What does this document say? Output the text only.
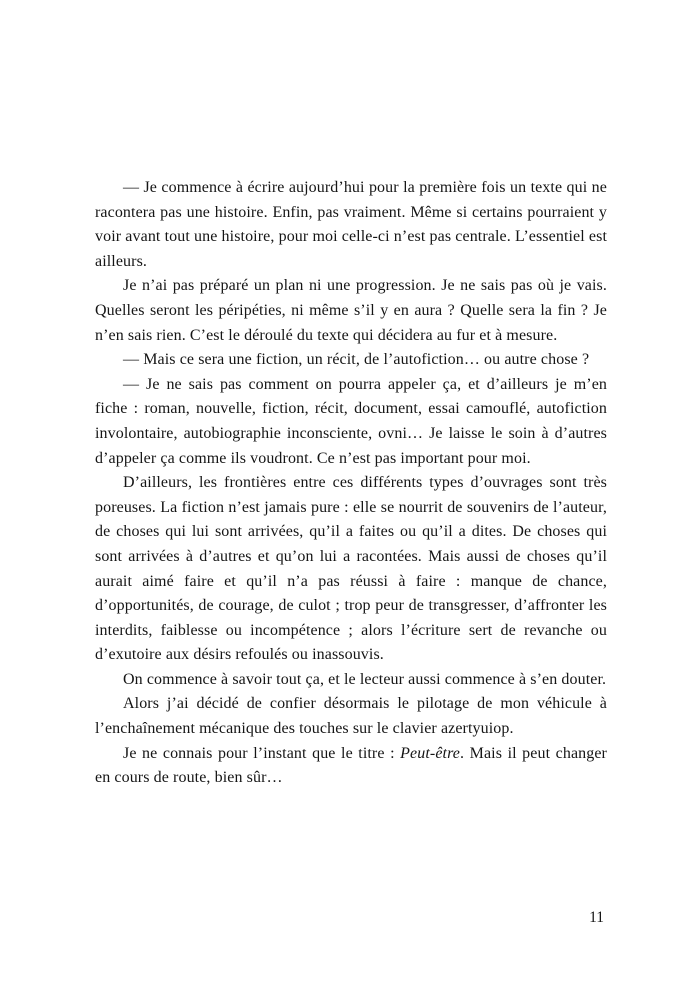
— Je commence à écrire aujourd’hui pour la première fois un texte qui ne racontera pas une histoire. Enfin, pas vraiment. Même si certains pourraient y voir avant tout une histoire, pour moi celle-ci n’est pas centrale. L’essentiel est ailleurs.

Je n’ai pas préparé un plan ni une progression. Je ne sais pas où je vais. Quelles seront les péripéties, ni même s’il y en aura ? Quelle sera la fin ? Je n’en sais rien. C’est le déroulé du texte qui décidera au fur et à mesure.

— Mais ce sera une fiction, un récit, de l’autofiction… ou autre chose ?

— Je ne sais pas comment on pourra appeler ça, et d’ailleurs je m’en fiche : roman, nouvelle, fiction, récit, document, essai camouflé, autofiction involontaire, autobiographie inconsciente, ovni… Je laisse le soin à d’autres d’appeler ça comme ils voudront. Ce n’est pas important pour moi.

D’ailleurs, les frontières entre ces différents types d’ouvrages sont très poreuses. La fiction n’est jamais pure : elle se nourrit de souvenirs de l’auteur, de choses qui lui sont arrivées, qu’il a faites ou qu’il a dites. De choses qui sont arrivées à d’autres et qu’on lui a racontées. Mais aussi de choses qu’il aurait aimé faire et qu’il n’a pas réussi à faire : manque de chance, d’opportunités, de courage, de culot ; trop peur de transgresser, d’affronter les interdits, faiblesse ou incompétence ; alors l’écriture sert de revanche ou d’exutoire aux désirs refoulés ou inassouvis.

On commence à savoir tout ça, et le lecteur aussi commence à s’en douter.

Alors j’ai décidé de confier désormais le pilotage de mon véhicule à l’enchaînement mécanique des touches sur le clavier azertyuiop.

Je ne connais pour l’instant que le titre : Peut-être. Mais il peut changer en cours de route, bien sûr…

11
